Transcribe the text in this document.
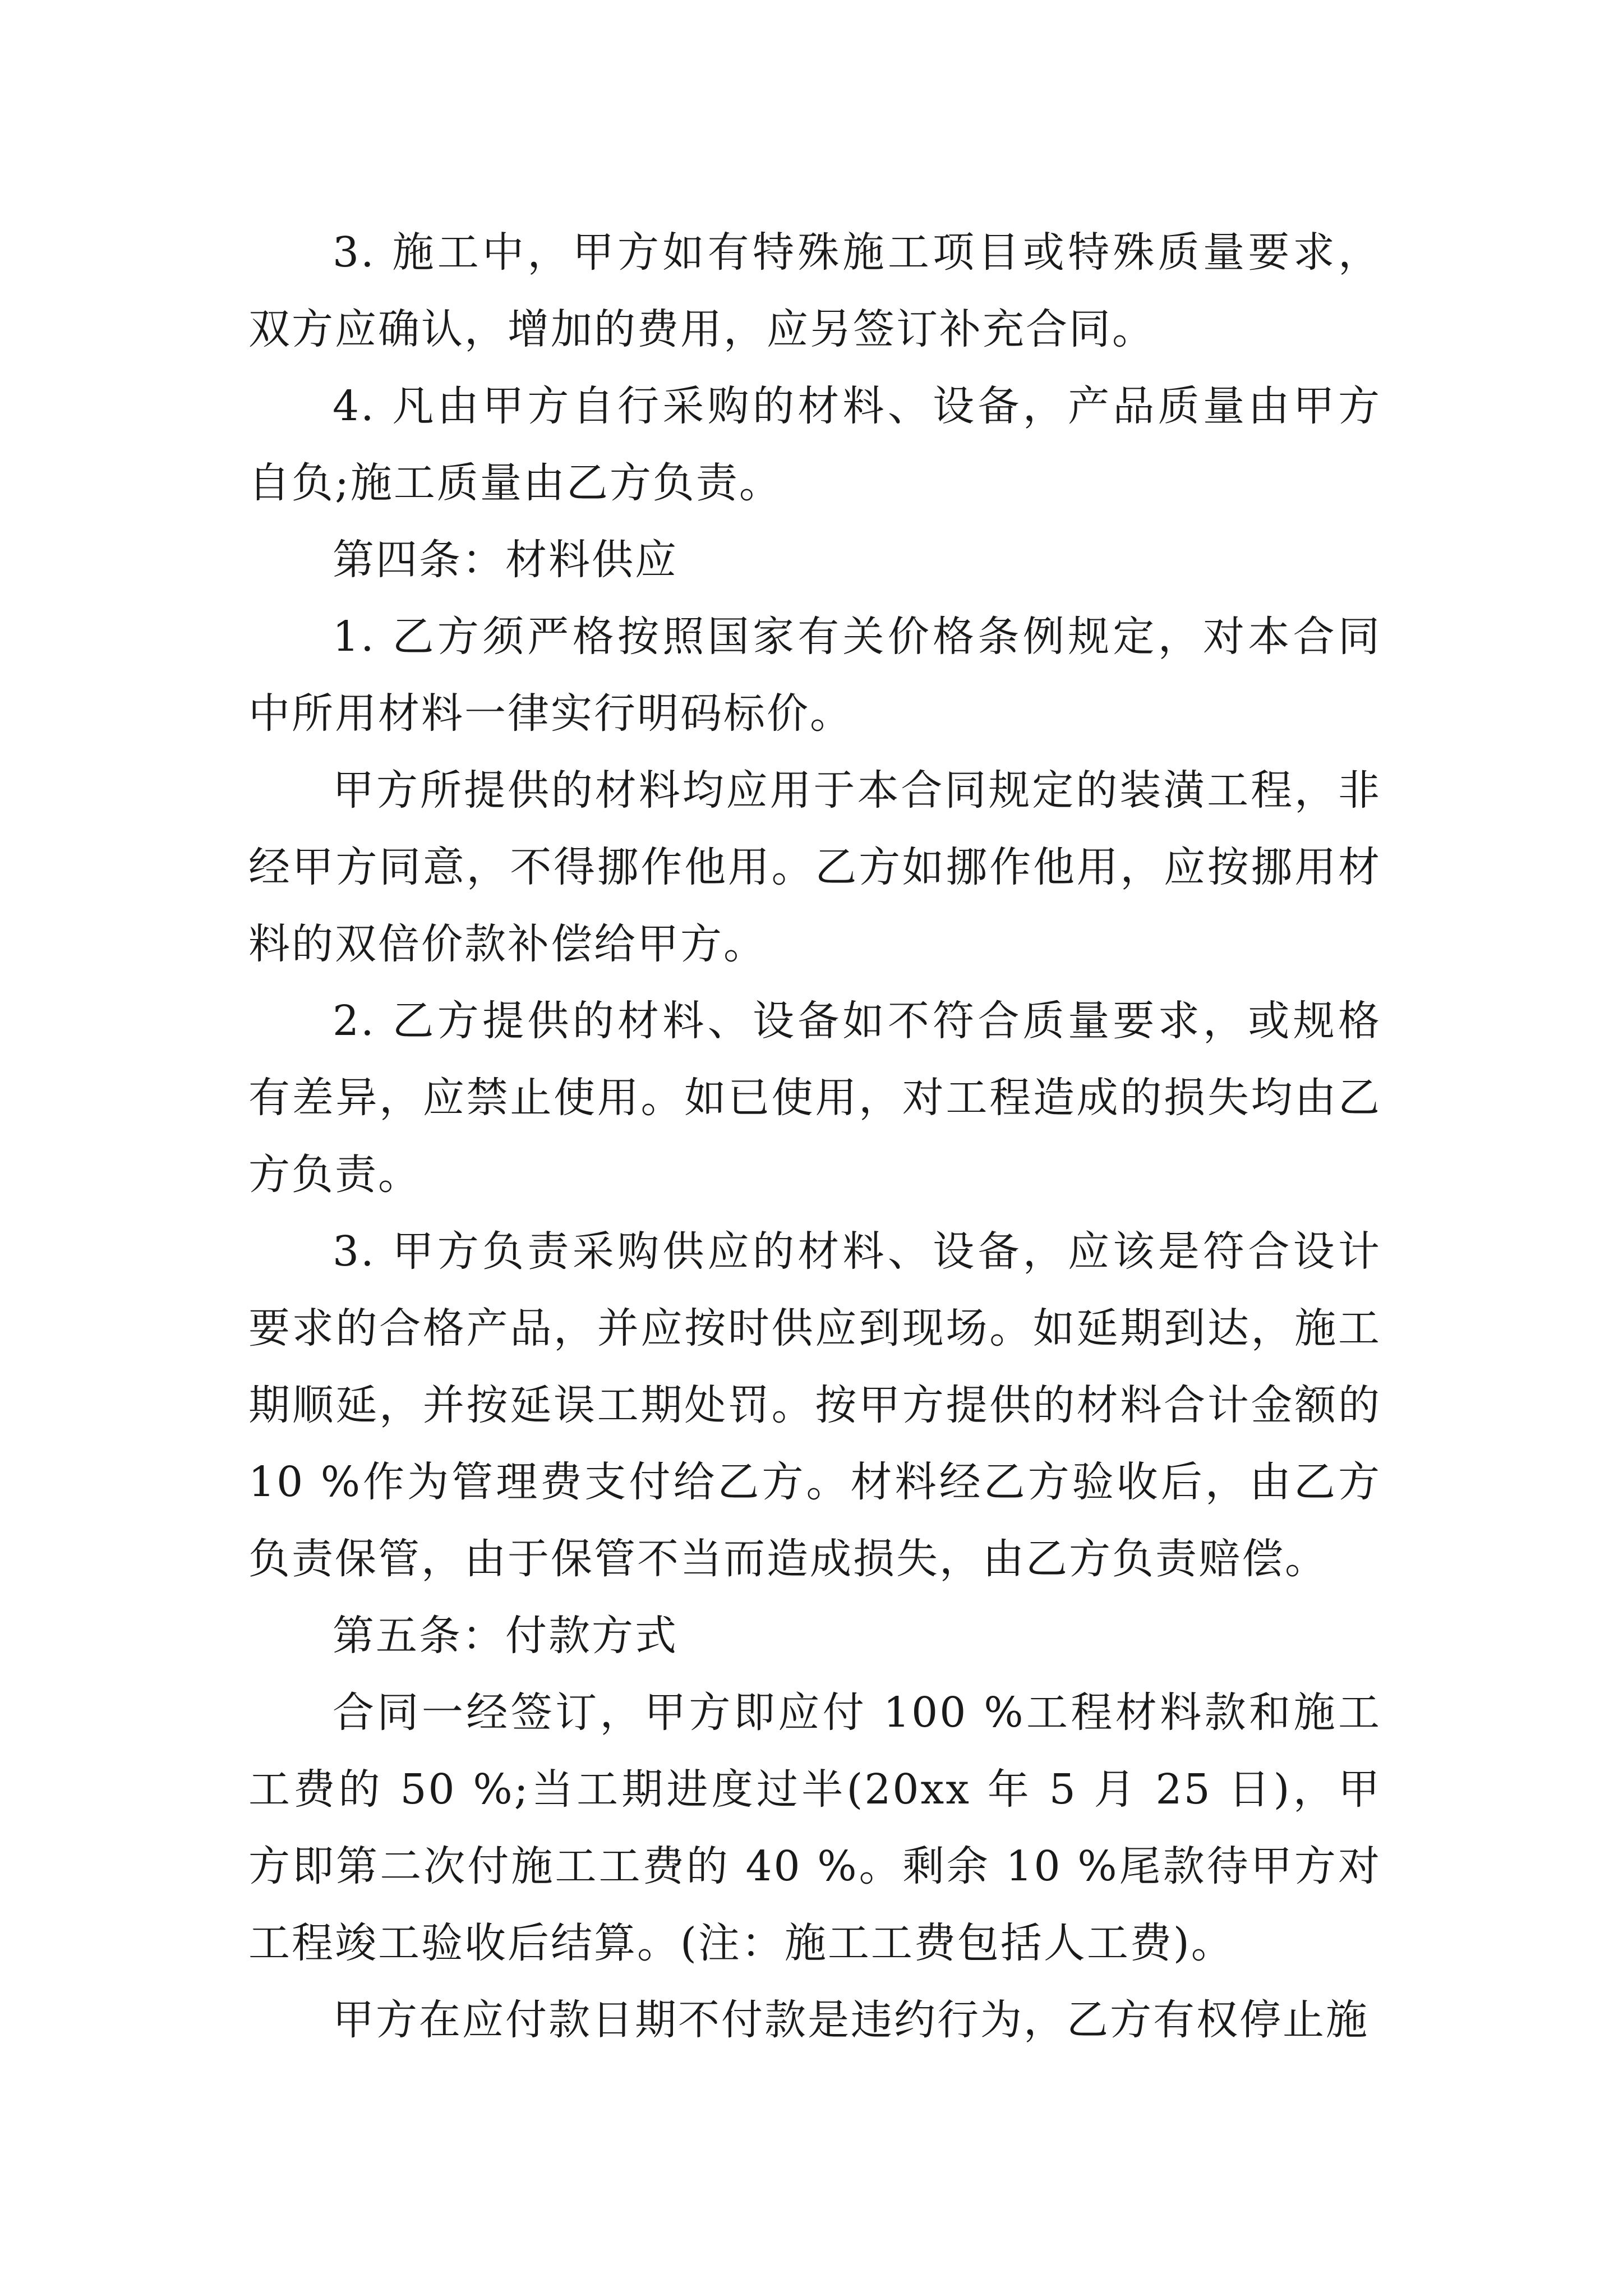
3. 施工中，甲方如有特殊施工项目或特殊质量要求，双方应确认，增加的费用，应另签订补充合同。

4. 凡由甲方自行采购的材料、设备，产品质量由甲方自负;施工质量由乙方负责。

第四条：材料供应

1. 乙方须严格按照国家有关价格条例规定，对本合同中所用材料一律实行明码标价。

甲方所提供的材料均应用于本合同规定的装潢工程，非经甲方同意，不得挪作他用。乙方如挪作他用，应按挪用材料的双倍价款补偿给甲方。

2. 乙方提供的材料、设备如不符合质量要求，或规格有差异，应禁止使用。如已使用，对工程造成的损失均由乙方负责。

3. 甲方负责采购供应的材料、设备，应该是符合设计要求的合格产品，并应按时供应到现场。如延期到达，施工期顺延，并按延误工期处罚。按甲方提供的材料合计金额的10 %作为管理费支付给乙方。材料经乙方验收后，由乙方负责保管，由于保管不当而造成损失，由乙方负责赔偿。

第五条：付款方式

合同一经签订，甲方即应付 100 %工程材料款和施工工费的 50 %;当工期进度过半(20xx 年 5 月 25 日)，甲方即第二次付施工工费的 40 %。剩余 10 %尾款待甲方对工程竣工验收后结算。(注：施工工费包括人工费)。

甲方在应付款日期不付款是违约行为，乙方有权停止施
